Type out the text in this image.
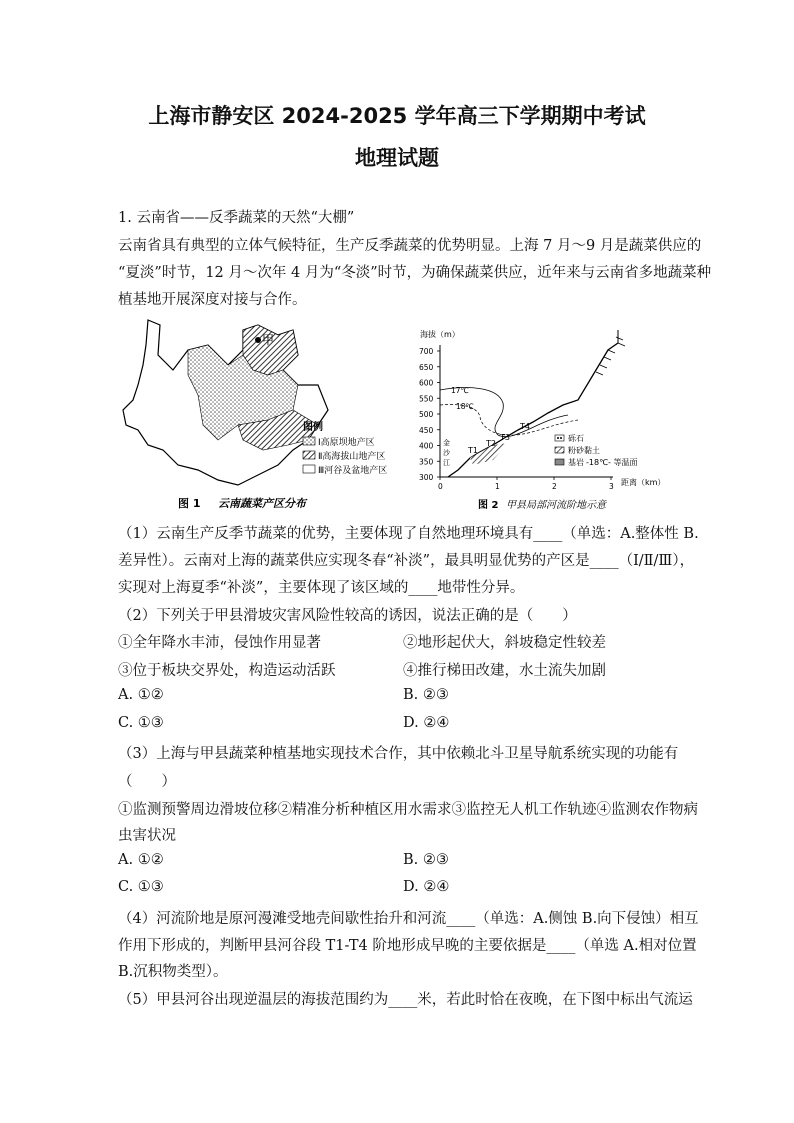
上海市静安区 2024-2025 学年高三下学期期中考试
地理试题
1. 云南省——反季蔬菜的天然“大棚”
云南省具有典型的立体气候特征，生产反季蔬菜的优势明显。上海 7 月～9 月是蔬菜供应的
“夏淡”时节，12 月～次年 4 月为“冬淡”时节，为确保蔬菜供应，近年来与云南省多地蔬菜种
植基地开展深度对接与合作。
甲
图例
Ⅰ高原坝地产区
Ⅱ高海拔山地产区
Ⅲ河谷及盆地产区
图 1 云南蔬菜产区分布
海拔（m）
700
650
600
550
500
450
400
350
300
0	1	2	3 距离（km）
17℃
18℃
T1
T2
T3
T4
金
沙
江
砾石
粉砂黏土
基岩 -18℃- 等温面
图 2 甲县局部河流阶地示意
（1）云南生产反季节蔬菜的优势，主要体现了自然地理环境具有____（单选：A.整体性 B.
差异性）。云南对上海的蔬菜供应实现冬春“补淡”，最具明显优势的产区是____（Ⅰ/Ⅱ/Ⅲ），
实现对上海夏季“补淡”，主要体现了该区域的____地带性分异。
（2）下列关于甲县滑坡灾害风险性较高的诱因，说法正确的是（　　）
①全年降水丰沛，侵蚀作用显著	②地形起伏大，斜坡稳定性较差
③位于板块交界处，构造运动活跃	④推行梯田改建，水土流失加剧
A. ①②	B. ②③
C. ①③	D. ②④
（3）上海与甲县蔬菜种植基地实现技术合作，其中依赖北斗卫星导航系统实现的功能有
（　　）
①监测预警周边滑坡位移②精准分析种植区用水需求③监控无人机工作轨迹④监测农作物病
虫害状况
A. ①②	B. ②③
C. ①③	D. ②④
（4）河流阶地是原河漫滩受地壳间歇性抬升和河流____（单选：A.侧蚀 B.向下侵蚀）相互
作用下形成的，判断甲县河谷段 T1-T4 阶地形成早晚的主要依据是____（单选 A.相对位置
B.沉积物类型）。
（5）甲县河谷出现逆温层的海拔范围约为____米，若此时恰在夜晚，在下图中标出气流运
